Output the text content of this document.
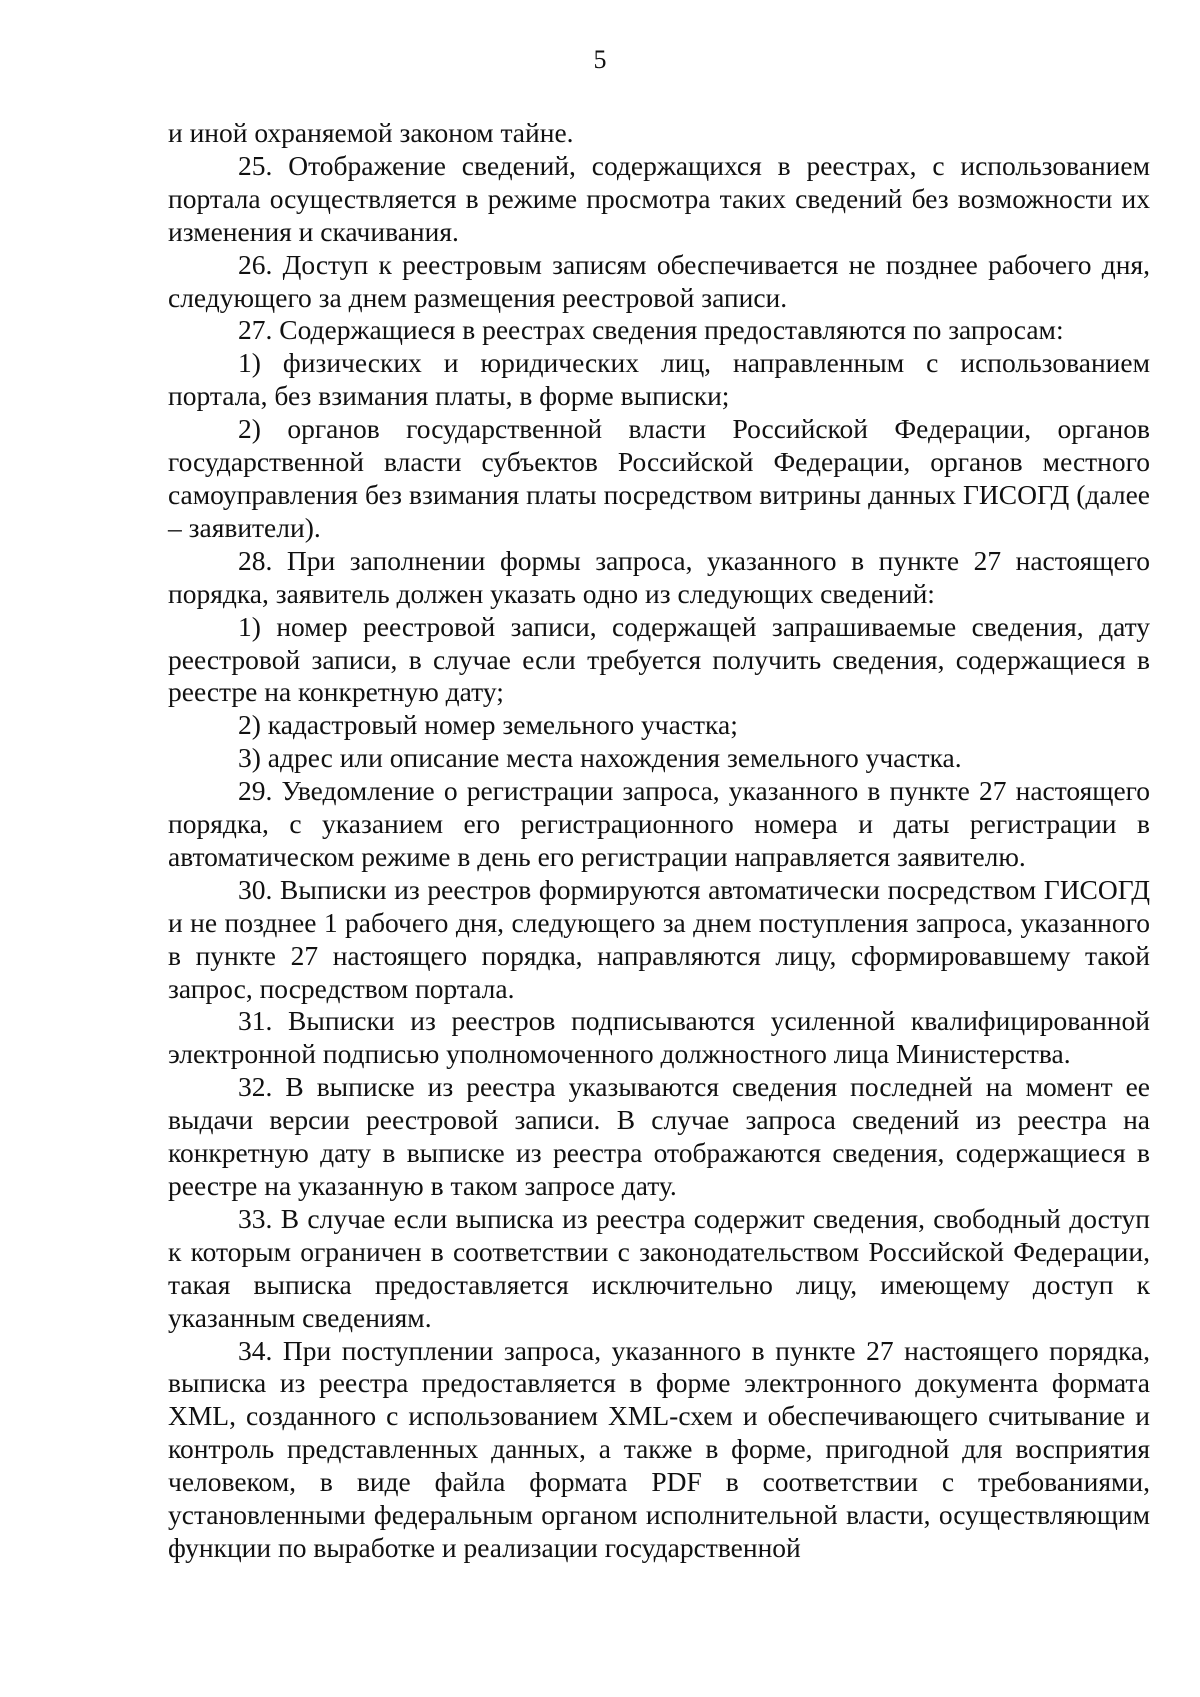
5

и иной охраняемой законом тайне.

25. Отображение сведений, содержащихся в реестрах, с использованием портала осуществляется в режиме просмотра таких сведений без возможности их изменения и скачивания.

26. Доступ к реестровым записям обеспечивается не позднее рабочего дня, следующего за днем размещения реестровой записи.

27. Содержащиеся в реестрах сведения предоставляются по запросам:

1) физических и юридических лиц, направленным с использованием портала, без взимания платы, в форме выписки;

2) органов государственной власти Российской Федерации, органов государственной власти субъектов Российской Федерации, органов местного самоуправления без взимания платы посредством витрины данных ГИСОГД (далее – заявители).

28. При заполнении формы запроса, указанного в пункте 27 настоящего порядка, заявитель должен указать одно из следующих сведений:

1) номер реестровой записи, содержащей запрашиваемые сведения, дату реестровой записи, в случае если требуется получить сведения, содержащиеся в реестре на конкретную дату;

2) кадастровый номер земельного участка;

3) адрес или описание места нахождения земельного участка.

29. Уведомление о регистрации запроса, указанного в пункте 27 настоящего порядка, с указанием его регистрационного номера и даты регистрации в автоматическом режиме в день его регистрации направляется заявителю.

30. Выписки из реестров формируются автоматически посредством ГИСОГД и не позднее 1 рабочего дня, следующего за днем поступления запроса, указанного в пункте 27 настоящего порядка, направляются лицу, сформировавшему такой запрос, посредством портала.

31. Выписки из реестров подписываются усиленной квалифицированной электронной подписью уполномоченного должностного лица Министерства.

32. В выписке из реестра указываются сведения последней на момент ее выдачи версии реестровой записи. В случае запроса сведений из реестра на конкретную дату в выписке из реестра отображаются сведения, содержащиеся в реестре на указанную в таком запросе дату.

33. В случае если выписка из реестра содержит сведения, свободный доступ к которым ограничен в соответствии с законодательством Российской Федерации, такая выписка предоставляется исключительно лицу, имеющему доступ к указанным сведениям.

34. При поступлении запроса, указанного в пункте 27 настоящего порядка, выписка из реестра предоставляется в форме электронного документа формата XML, созданного с использованием XML-схем и обеспечивающего считывание и контроль представленных данных, а также в форме, пригодной для восприятия человеком, в виде файла формата PDF в соответствии с требованиями, установленными федеральным органом исполнительной власти, осуществляющим функции по выработке и реализации государственной
